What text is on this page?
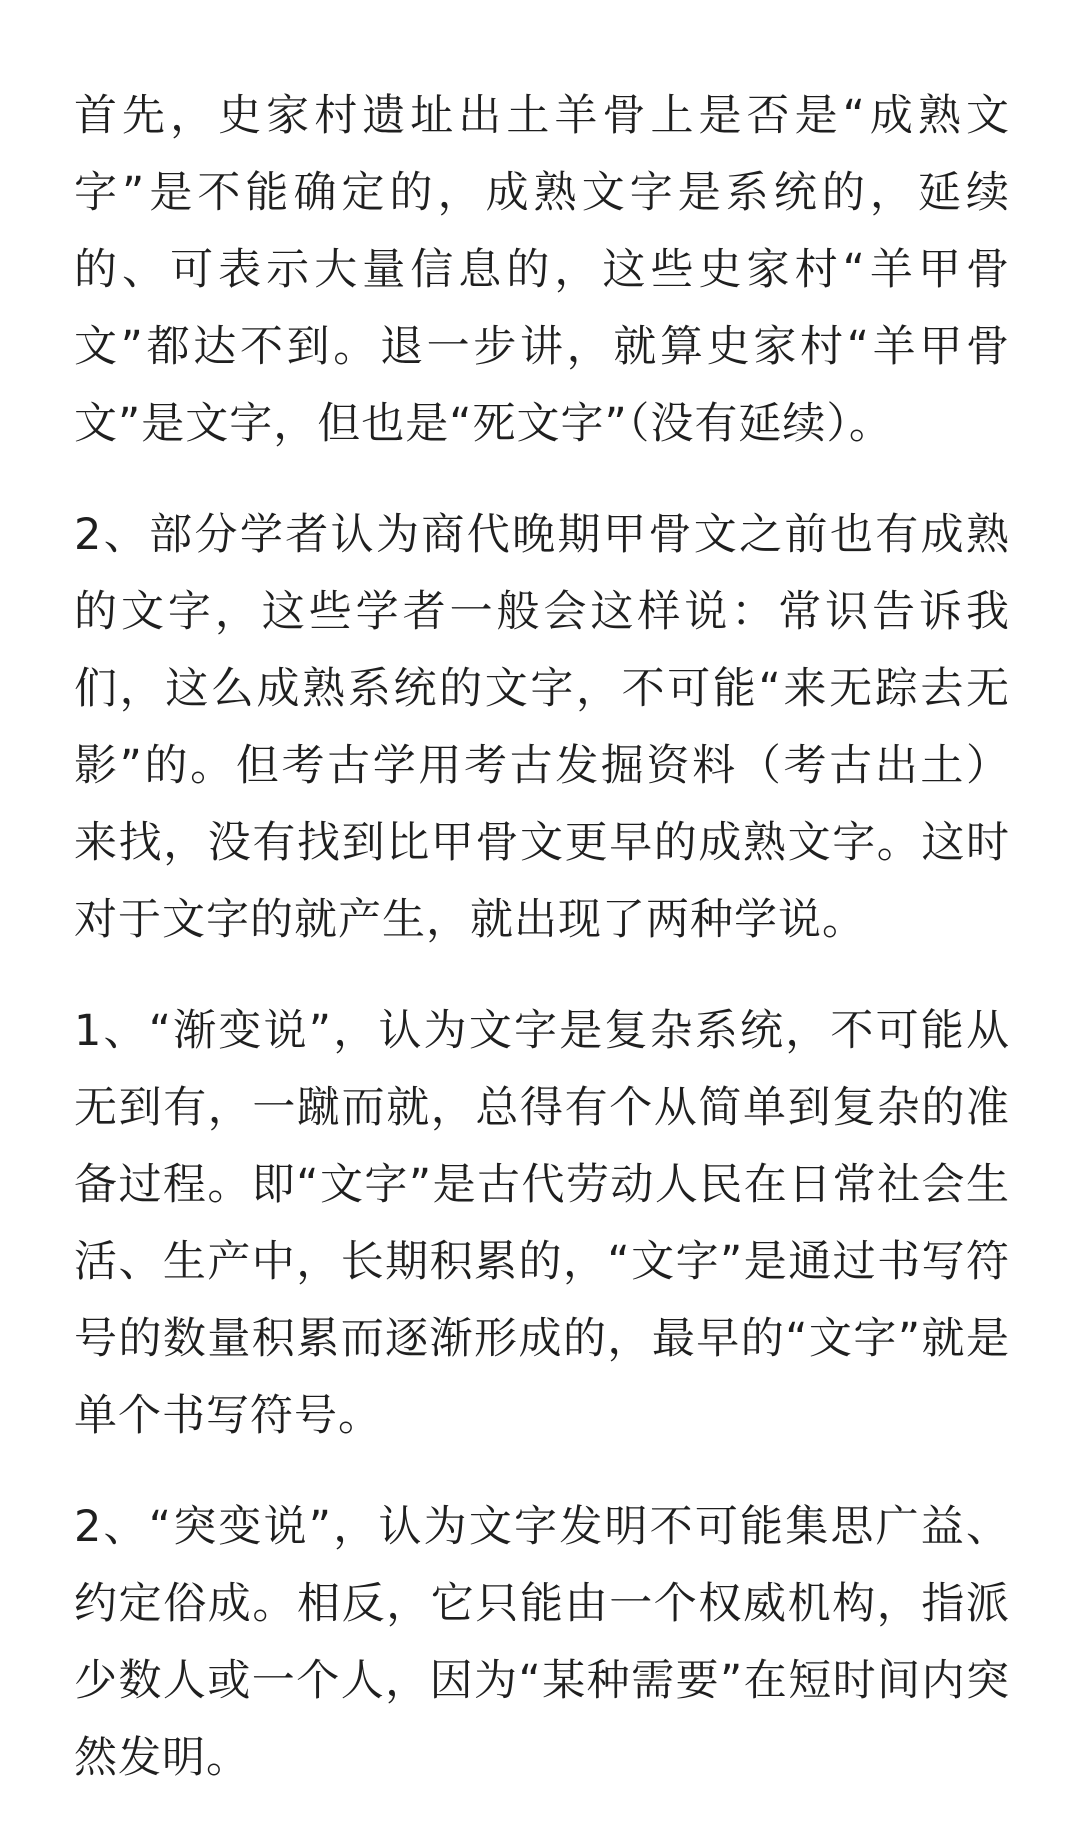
首先，史家村遗址出土羊骨上是否是“成熟文字”是不能确定的，成熟文字是系统的，延续的、可表示大量信息的，这些史家村“羊甲骨文”都达不到。退一步讲，就算史家村“羊甲骨文”是文字，但也是“死文字”（没有延续）。

2、部分学者认为商代晚期甲骨文之前也有成熟的文字，这些学者一般会这样说：常识告诉我们，这么成熟系统的文字，不可能“来无踪去无影”的。但考古学用考古发掘资料（考古出土）来找，没有找到比甲骨文更早的成熟文字。这时对于文字的就产生，就出现了两种学说。

1、“渐变说”，认为文字是复杂系统，不可能从无到有，一蹴而就，总得有个从简单到复杂的准备过程。即“文字”是古代劳动人民在日常社会生活、生产中，长期积累的，“文字”是通过书写符号的数量积累而逐渐形成的，最早的“文字”就是单个书写符号。

2、“突变说”，认为文字发明不可能集思广益、约定俗成。相反，它只能由一个权威机构，指派少数人或一个人，因为“某种需要”在短时间内突然发明。
